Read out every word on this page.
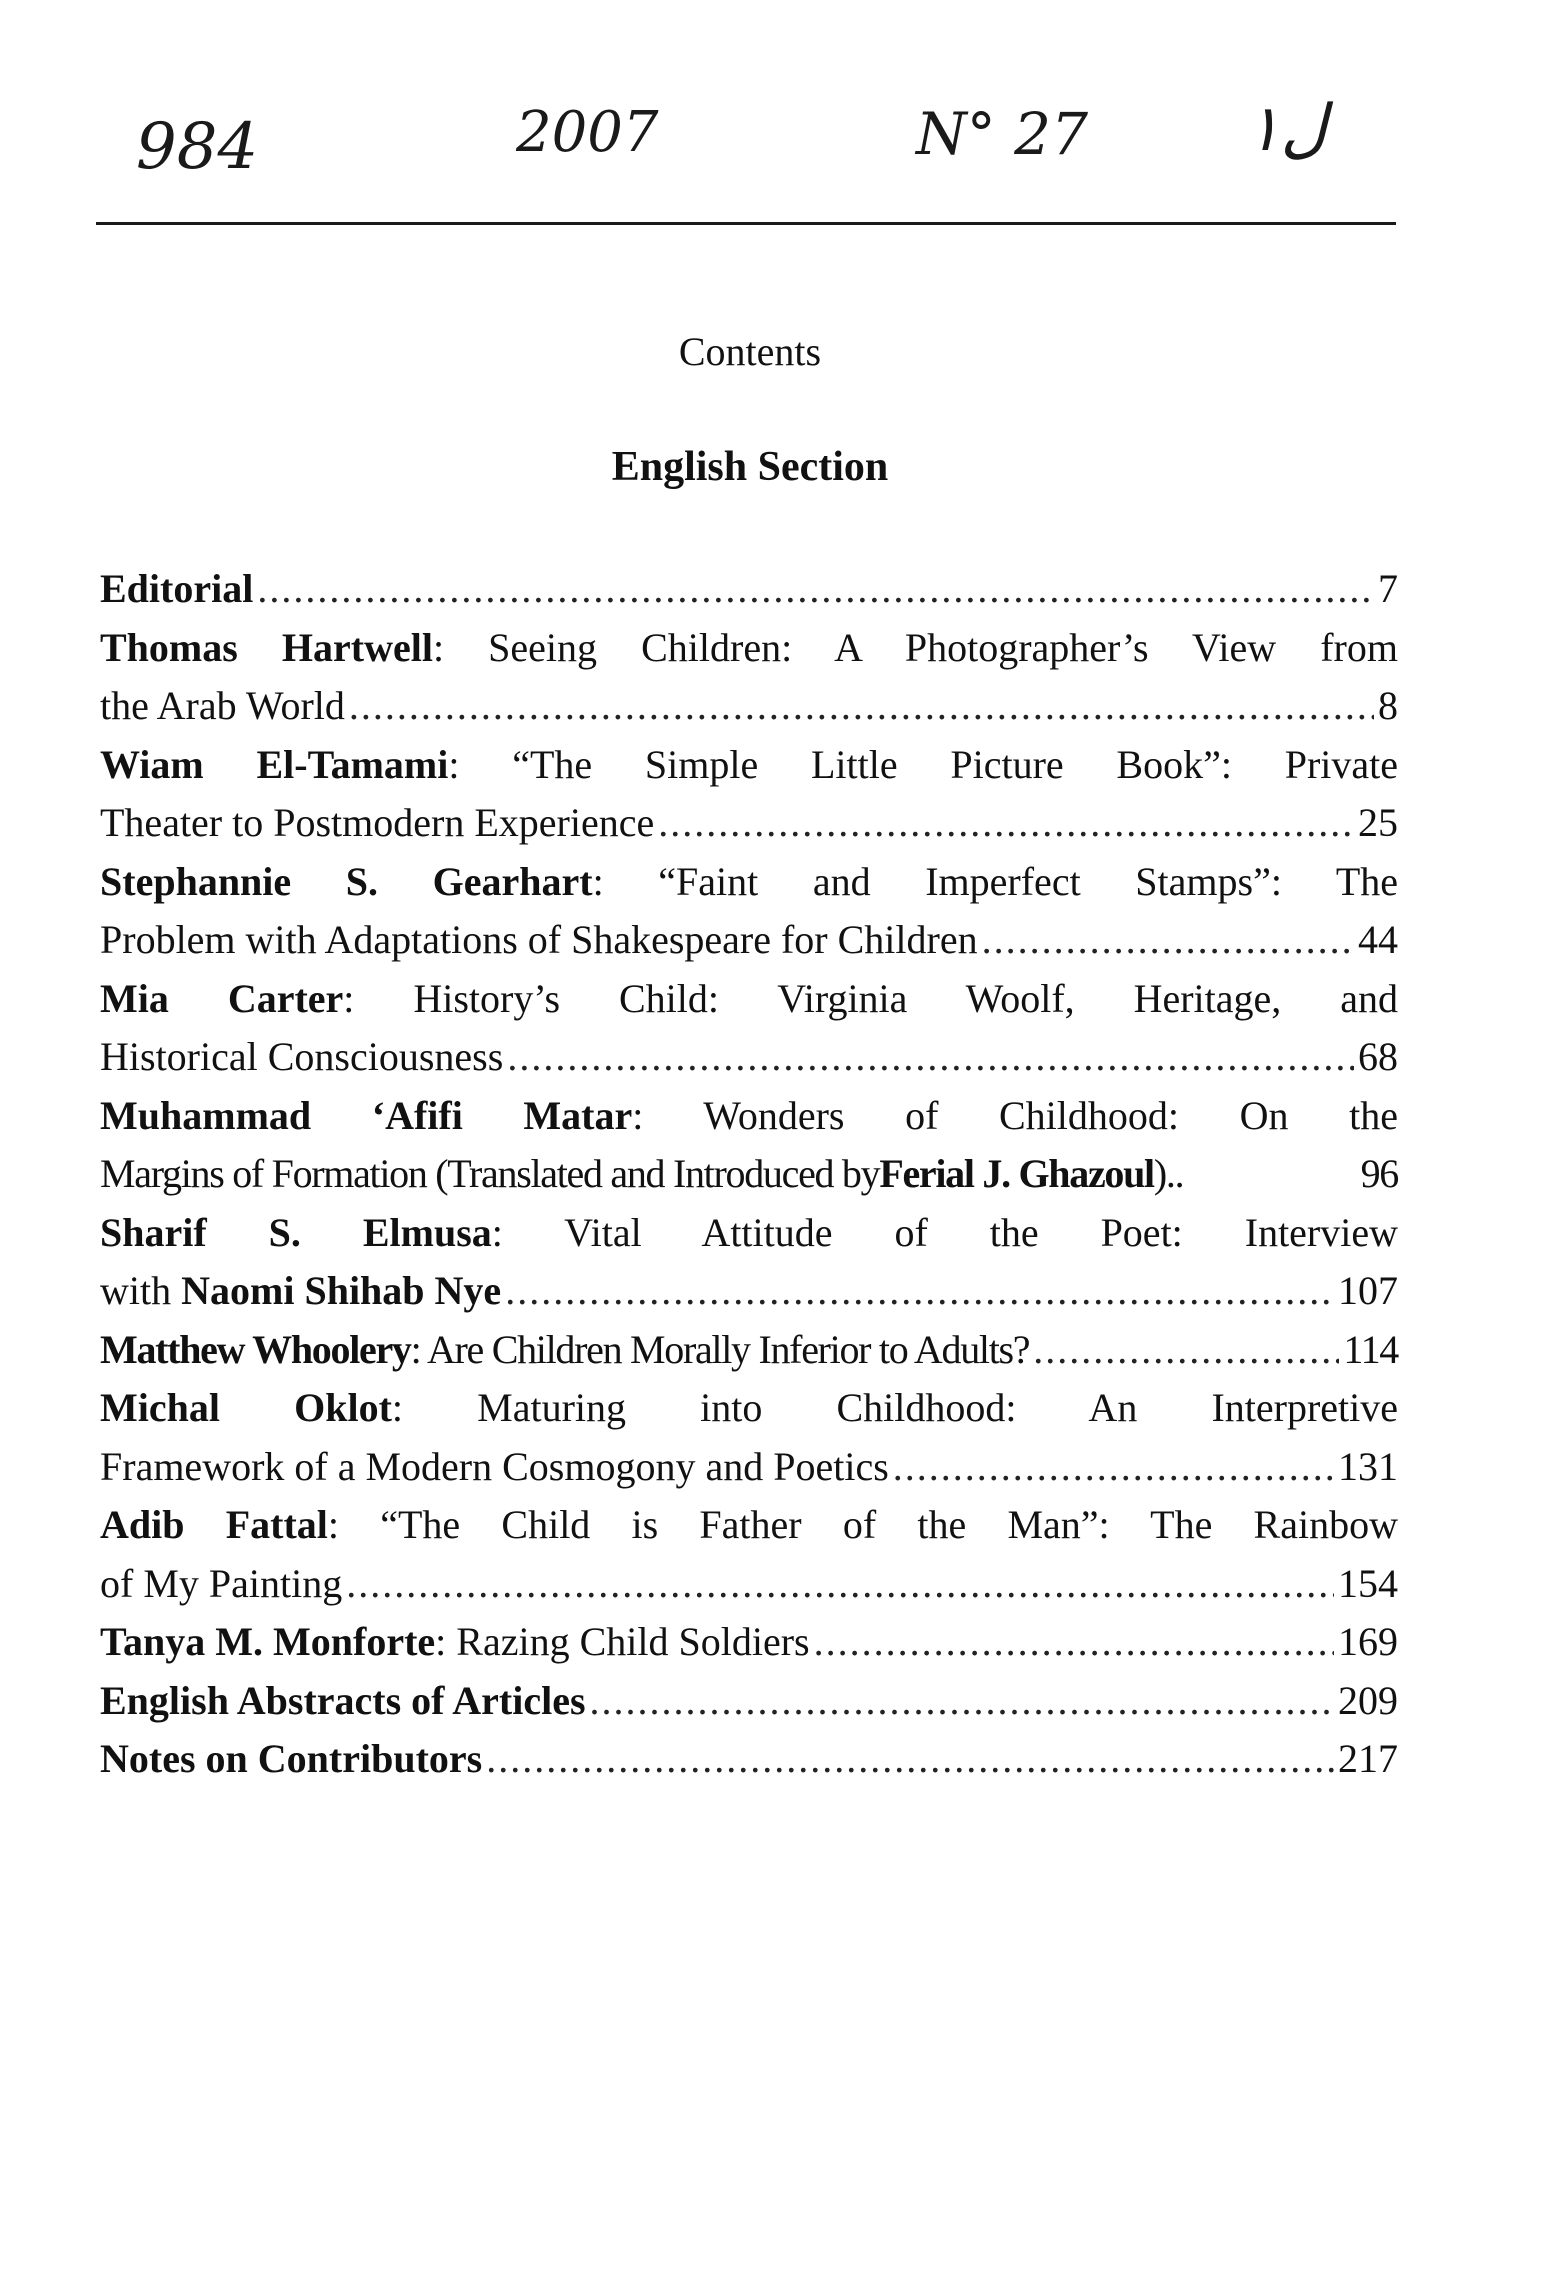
984	2007	N° 27 ل١
Contents
English Section
Editorial .....	7
Thomas Hartwell: Seeing Children: A Photographer’s View from
the Arab World .....	8
Wiam El-Tamami: “The Simple Little Picture Book”: Private
Theater to Postmodern Experience .....	25
Stephannie S. Gearhart: “Faint and Imperfect Stamps”: The
Problem with Adaptations of Shakespeare for Children .....	44
Mia Carter: History’s Child: Virginia Woolf, Heritage, and
Historical Consciousness .....	68
Muhammad ‘Afifi Matar: Wonders of Childhood: On the
Margins of Formation (Translated and Introduced by Ferial J. Ghazoul )..	96
Sharif S. Elmusa: Vital Attitude of the Poet: Interview
with Naomi Shihab Nye .....	107
Matthew Whoolery : Are Children Morally Inferior to Adults? .....	114
Michal Oklot: Maturing into Childhood: An Interpretive
Framework of a Modern Cosmogony and Poetics .....	131
Adib Fattal: “The Child is Father of the Man”: The Rainbow
of My Painting .....	154
Tanya M. Monforte : Razing Child Soldiers .....	169
English Abstracts of Articles .....	209
Notes on Contributors .....	217
